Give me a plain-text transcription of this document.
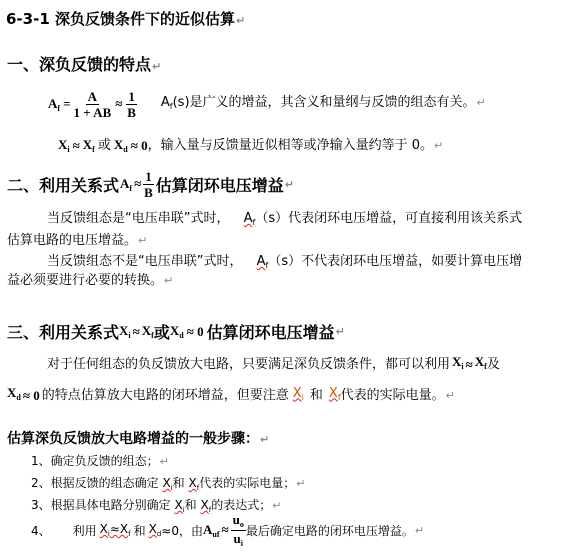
6-3-1 深负反馈条件下的近似估算↵
一、深负反馈的特点↵
$A_f = \frac{A}{1 + AB} \approx \frac{1}{B} A_f(s)$是广义的增益，其含义和量纲与反馈的组态有关。↵
$X_i \approx X_f$ 或 $X_d \approx 0$ ，输入量与反馈量近似相等或净输入量约等于 0。 ↵
二、利用关系式 $A_f \approx \frac{1}{B}$ 估算闭环电压增益 ↵
当反馈组态是“电压串联”式时， $A_f(s)$代表闭环电压增益，可直接利用该关系式
估算电路的电压增益。↵
当反馈组态不是“电压串联”式时， $A_f(s)$不代表闭环电压增益，如要计算电压增
益必须要进行必要的转换。↵
三、利用关系式 $X_i \approx X_f$ 或 $X_d \approx 0$ 估算闭环电压增益 ↵
对于任何组态的负反馈放大电路，只要满足深负反馈条件，都可以利用 $X_i \approx X_f$ 及
$X_d \approx 0$ 的特点估算放大电路的闭环增益，但要注意 $X_i$ 和 $X_f$ 代表的实际电量。 ↵
估算深负反馈放大电路增益的一般步骤：↵
1、确定负反馈的组态；↵
2、根据反馈的组态确定 $X_i$和 $X_f$代表的实际电量；↵
3、根据具体电路分别确定 $X_i$和 $X_f$的表达式；↵
4、 利用 $X_i\approx X_f$ 和 $X_d \approx 0$，由 $A_{uf} \approx \frac{u_o}{u_i}$ 最后确定电路的闭环电压增益。 ↵
